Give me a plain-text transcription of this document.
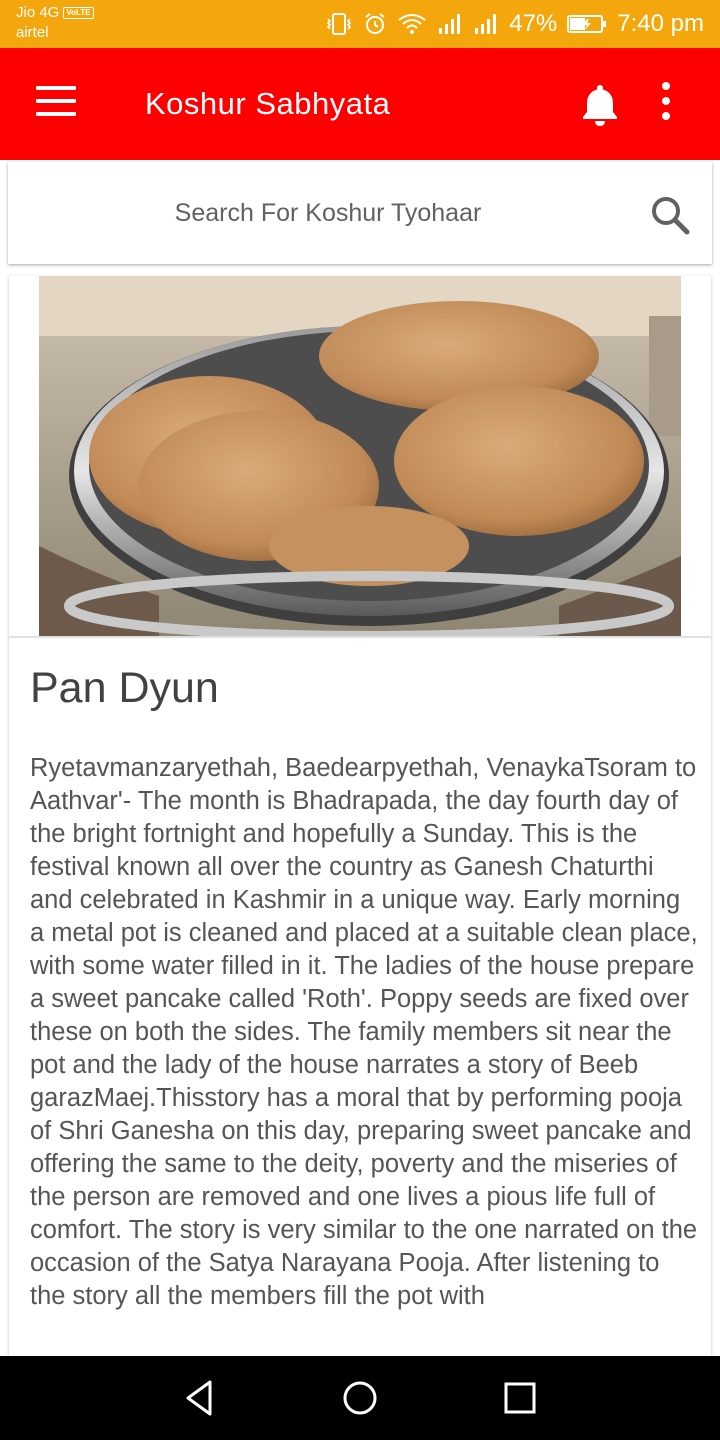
Jio 4G VoLTE
airtel	47%	7:40 pm
Koshur Sabhyata
Search For Koshur Tyohaar
Pan Dyun

Ryetavmanzaryethah, Baedearpyethah, VenaykaTsoram to Aathvar'- The month is Bhadrapada, the day fourth day of the bright fortnight and hopefully a Sunday. This is the festival known all over the country as Ganesh Chaturthi and celebrated in Kashmir in a unique way. Early morning a metal pot is cleaned and placed at a suitable clean place, with some water filled in it. The ladies of the house prepare a sweet pancake called 'Roth'. Poppy seeds are fixed over these on both the sides. The family members sit near the pot and the lady of the house narrates a story of Beeb garazMaej.Thisstory has a moral that by performing pooja of Shri Ganesha on this day, preparing sweet pancake and offering the same to the deity, poverty and the miseries of the person are removed and one lives a pious life full of comfort. The story is very similar to the one narrated on the occasion of the Satya Narayana Pooja. After listening to the story all the members fill the pot with
